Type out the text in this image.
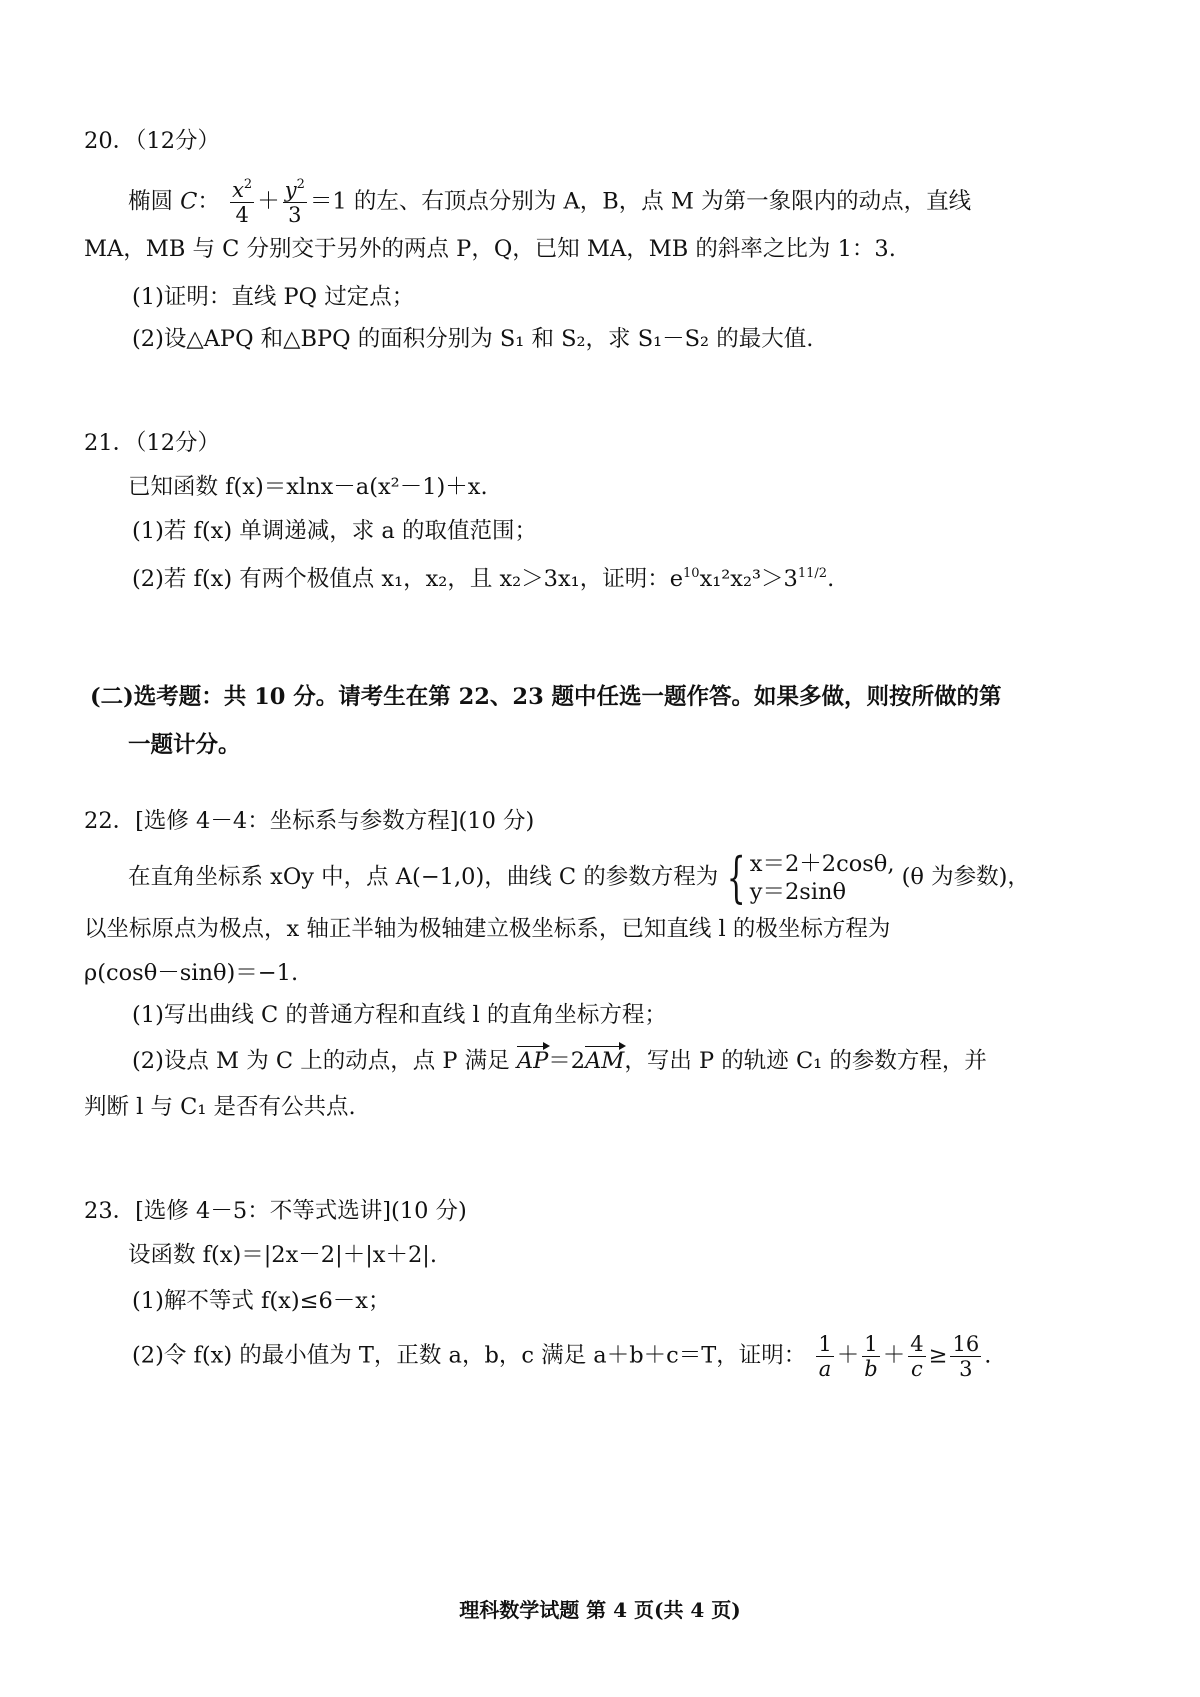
20．（12分）
椭圆 C： $\frac{x^2}{4} + \frac{y^2}{3} =1$ 的左、右顶点分别为 A，B，点 M 为第一象限内的动点，直线
MA，MB 与 C 分别交于另外的两点 P，Q，已知 MA，MB 的斜率之比为 1：3.
(1)证明：直线 PQ 过定点；
(2)设△APQ 和△BPQ 的面积分别为 S₁ 和 S₂，求 S₁－S₂ 的最大值.
21．（12分）
已知函数 f(x)＝xlnx－a(x²－1)＋x.
(1)若 f(x) 单调递减，求 a 的取值范围；
(2)若 f(x) 有两个极值点 x₁，x₂，且 x₂＞3x₁，证明：$e^{10}x_1^2x_2^3>3^{11/2}$.
(二)选考题：共 10 分。请考生在第 22、23 题中任选一题作答。如果多做，则按所做的第
一题计分。
22．[选修 4－4：坐标系与参数方程](10 分)
在直角坐标系 xOy 中，点 A(−1,0)，曲线 C 的参数方程为 { x＝2＋2cosθ,
y＝2sinθ
(θ 为参数)，
以坐标原点为极点，x 轴正半轴为极轴建立极坐标系，已知直线 l 的极坐标方程为
ρ(cosθ－sinθ)＝−1.
(1)写出曲线 C 的普通方程和直线 l 的直角坐标方程；
(2)设点 M 为 C 上的动点，点 P 满足 AP＝2AM，写出 P 的轨迹 C₁ 的参数方程，并
判断 l 与 C₁ 是否有公共点.
23．[选修 4－5：不等式选讲](10 分)
设函数 f(x)＝|2x－2|＋|x＋2|.
(1)解不等式 f(x)≤6－x；
(2)令 f(x) 的最小值为 T，正数 a，b，c 满足 a＋b＋c＝T，证明： $\frac{1}{a} + \frac{1}{b} + \frac{4}{c} \ge \frac{16}{3}$ .
理科数学试题 第 4 页(共 4 页)
